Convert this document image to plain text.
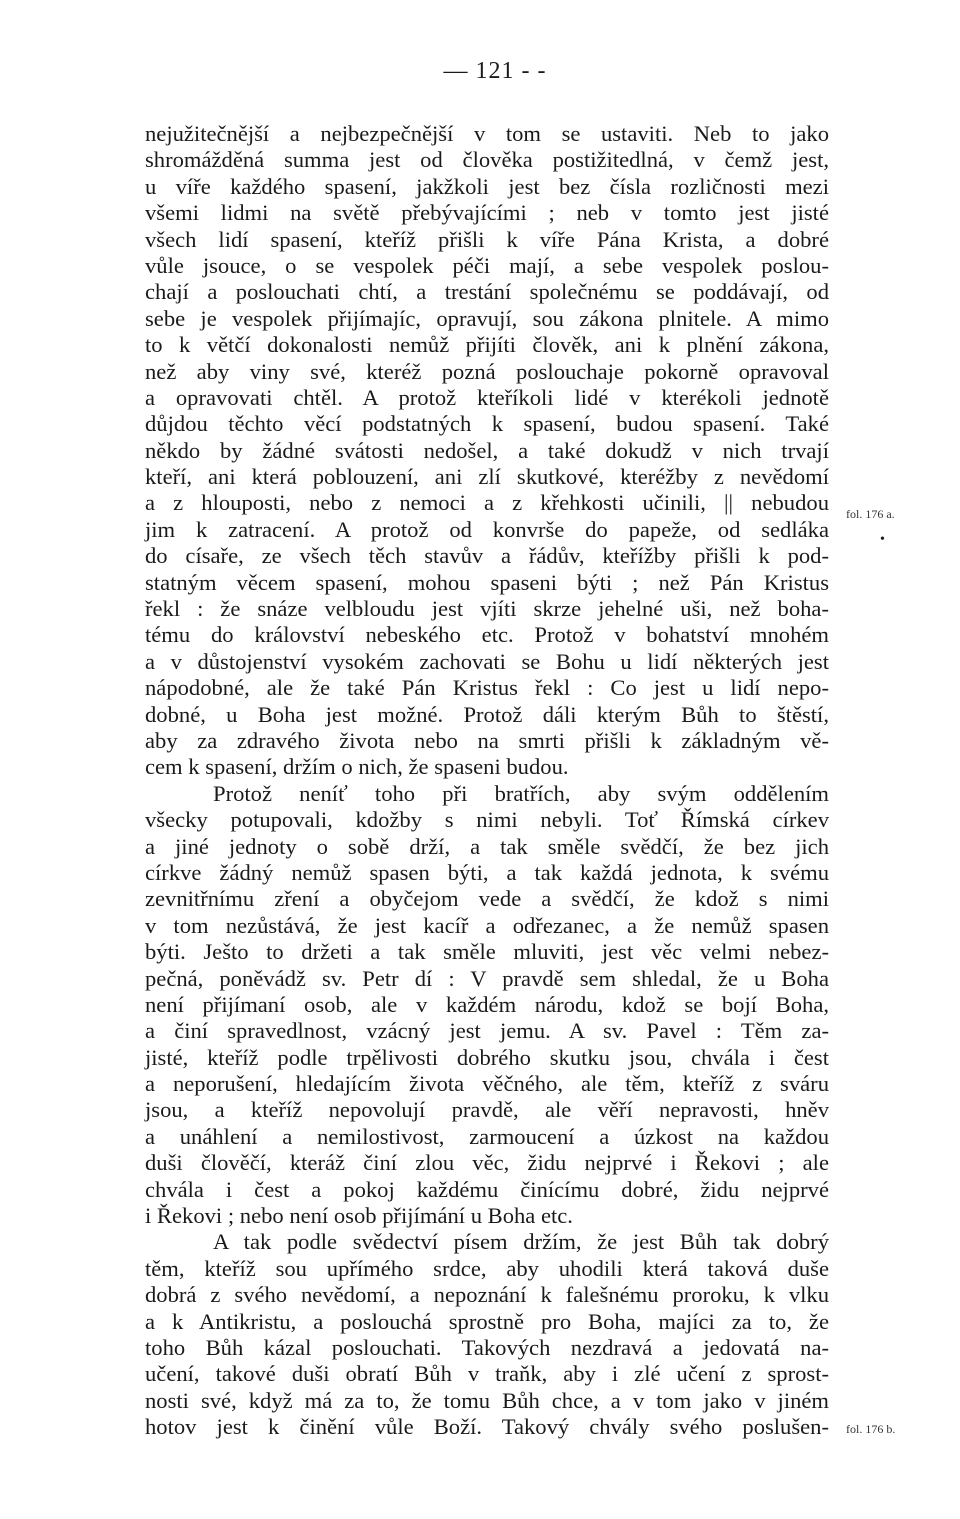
— 121 - -
nejužitečnější a nejbezpečnější v tom se ustaviti. Neb to jako
shromážděná summa jest od člověka postižitedlná, v čemž jest,
u víře každého spasení, jakžkoli jest bez čísla rozličnosti mezi
všemi lidmi na světě přebývajícími ; neb v tomto jest jisté
všech lidí spasení, kteříž přišli k víře Pána Krista, a dobré
vůle jsouce, o se vespolek péči mají, a sebe vespolek poslou-
chají a poslouchati chtí, a trestání společnému se poddávají, od
sebe je vespolek přijímajíc, opravují, sou zákona plnitele. A mimo
to k větčí dokonalosti nemůž přijíti člověk, ani k plnění zákona,
než aby viny své, kteréž pozná poslouchaje pokorně opravoval
a opravovati chtěl. A protož kteříkoli lidé v kterékoli jednotě
důjdou těchto věcí podstatných k spasení, budou spasení. Také
někdo by žádné svátosti nedošel, a také dokudž v nich trvají
kteří, ani která poblouzení, ani zlí skutkové, kteréžby z nevědomí
a z hlouposti, nebo z nemoci a z křehkosti učinili, || nebudou
jim k zatracení. A protož od konvrše do papeže, od sedláka
do císaře, ze všech těch stavův a řádův, kteřížby přišli k pod-
statným věcem spasení, mohou spaseni býti ; než Pán Kristus
řekl : že snáze velbloudu jest vjíti skrze jehelné uši, než boha-
tému do království nebeského etc. Protož v bohatství mnohém
a v důstojenství vysokém zachovati se Bohu u lidí některých jest
nápodobné, ale že také Pán Kristus řekl : Co jest u lidí nepo-
dobné, u Boha jest možné. Protož dáli kterým Bůh to štěstí,
aby za zdravého života nebo na smrti přišli k základným vě-
cem k spasení, držím o nich, že spaseni budou.
Protož neníť toho při bratřích, aby svým oddělením
všecky potupovali, kdožby s nimi nebyli. Toť Římská církev
a jiné jednoty o sobě drží, a tak směle svědčí, že bez jich
církve žádný nemůž spasen býti, a tak každá jednota, k svému
zevnitřnímu zření a obyčejom vede a svědčí, že kdož s nimi
v tom nezůstává, že jest kacíř a odřezanec, a že nemůž spasen
býti. Ješto to držeti a tak směle mluviti, jest věc velmi nebez-
pečná, poněvádž sv. Petr dí : V pravdě sem shledal, že u Boha
není přijímaní osob, ale v každém národu, kdož se bojí Boha,
a činí spravedlnost, vzácný jest jemu. A sv. Pavel : Těm za-
jisté, kteříž podle trpělivosti dobrého skutku jsou, chvála i čest
a neporušení, hledajícím života věčného, ale těm, kteříž z sváru
jsou, a kteříž nepovolují pravdě, ale věří nepravosti, hněv
a unáhlení a nemilostivost, zarmoucení a úzkost na každou
duši člověčí, kteráž činí zlou věc, židu nejprvé i Řekovi ; ale
chvála i čest a pokoj každému činícímu dobré, židu nejprvé
i Řekovi ; nebo není osob přijímání u Boha etc.
A tak podle svědectví písem držím, že jest Bůh tak dobrý
těm, kteříž sou upřímého srdce, aby uhodili která taková duše
dobrá z svého nevědomí, a nepoznání k falešnému proroku, k vlku
a k Antikristu, a poslouchá sprostně pro Boha, majíci za to, že
toho Bůh kázal poslouchati. Takových nezdravá a jedovatá na-
učení, takové duši obratí Bůh v traňk, aby i zlé učení z sprost-
nosti své, když má za to, že tomu Bůh chce, a v tom jako v jiném
hotov jest k činění vůle Boží. Takový chvály svého poslušen-
fol. 176 a.
•
fol. 176 b.
